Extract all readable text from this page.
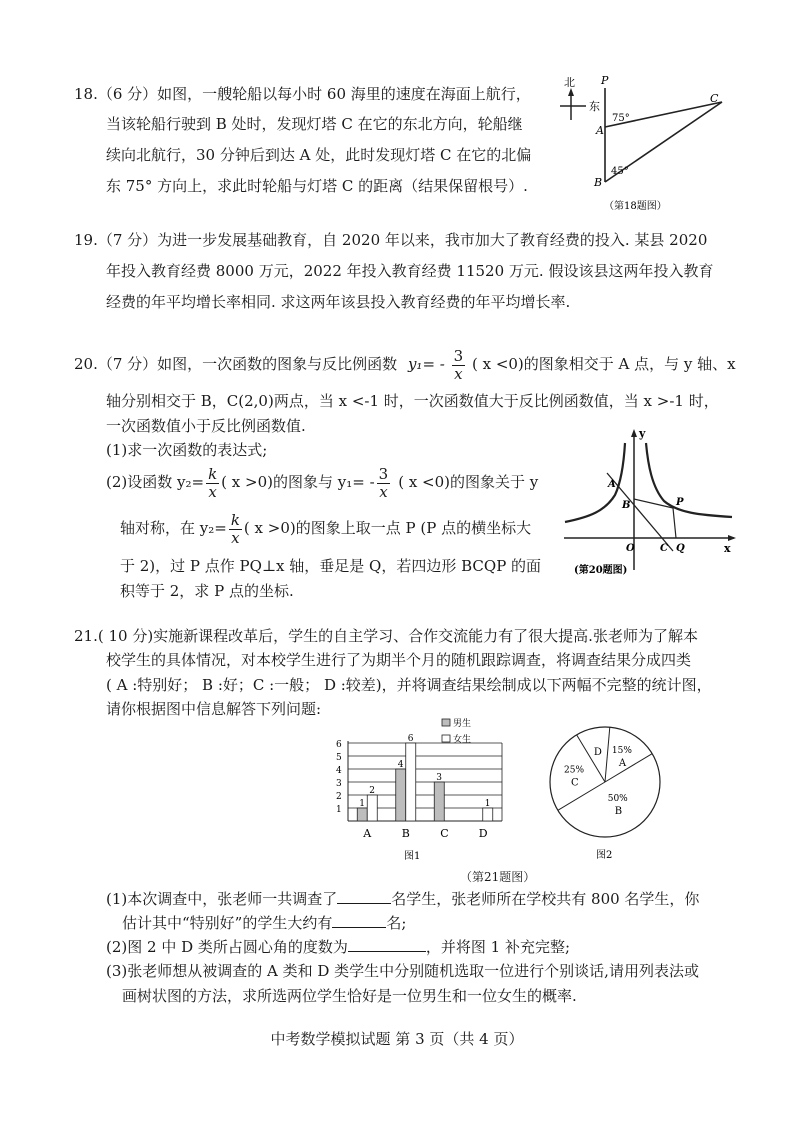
18.（6 分）如图，一艘轮船以每小时 60 海里的速度在海面上航行，
当该轮船行驶到 B 处时，发现灯塔 C 在它的东北方向，轮船继
续向北航行，30 分钟后到达 A 处，此时发现灯塔 C 在它的北偏
东 75° 方向上，求此时轮船与灯塔 C 的距离（结果保留根号）.
北
东
P
A
B
C
75°
45°
（第18题图）
19.（7 分）为进一步发展基础教育，自 2020 年以来，我市加大了教育经费的投入. 某县 2020
年投入教育经费 8000 万元，2022 年投入教育经费 11520 万元. 假设该县这两年投入教育
经费的年平均增长率相同. 求这两年该县投入教育经费的年平均增长率.
20.（7 分）如图，一次函数的图象与反比例函数 $y_1= - \frac{3}{x}$ ( x <0)的图象相交于 A 点，与 y 轴、x
轴分别相交于 B，C(2,0)两点，当 x <-1 时，一次函数值大于反比例函数值，当 x >-1 时，
一次函数值小于反比例函数值.
(1)求一次函数的表达式;
(2)设函数 $y_2= \frac{k}{x}$ ( x >0)的图象与 $y_1= - \frac{3}{x}$ ( x <0)的图象关于 y
轴对称，在 $y_2= \frac{k}{x}$ ( x >0)的图象上取一点 P (P 点的横坐标大
于 2)，过 P 点作 PQ⊥x 轴，垂足是 Q，若四边形 BCQP 的面
积等于 2，求 P 点的坐标.
y
x
A
B	P
O	C Q
(第20题图)
21.( 10 分)实施新课程改革后，学生的自主学习、合作交流能力有了很大提高.张老师为了解本
校学生的具体情况，对本校学生进行了为期半个月的随机跟踪调查，将调查结果分成四类
( A :特别好； B :好；C :一般； D :较差)，并将调查结果绘制成以下两幅不完整的统计图，
请你根据图中信息解答下列问题:
1
2
3
4
5
6
1
2
4
6
3
1
A	B	C	D
男生
女生
图1
15%
A
50%
B
25%
C
D
图2
（第21题图）
(1)本次调查中，张老师一共调查了	名学生，张老师所在学校共有 800 名学生，你
估计其中“特别好”的学生大约有	名;
(2)图 2 中 D 类所占圆心角的度数为	，并将图 1 补充完整;
(3)张老师想从被调查的 A 类和 D 类学生中分别随机选取一位进行个别谈话,请用列表法或
画树状图的方法，求所选两位学生恰好是一位男生和一位女生的概率.
中考数学模拟试题 第 3 页（共 4 页）
